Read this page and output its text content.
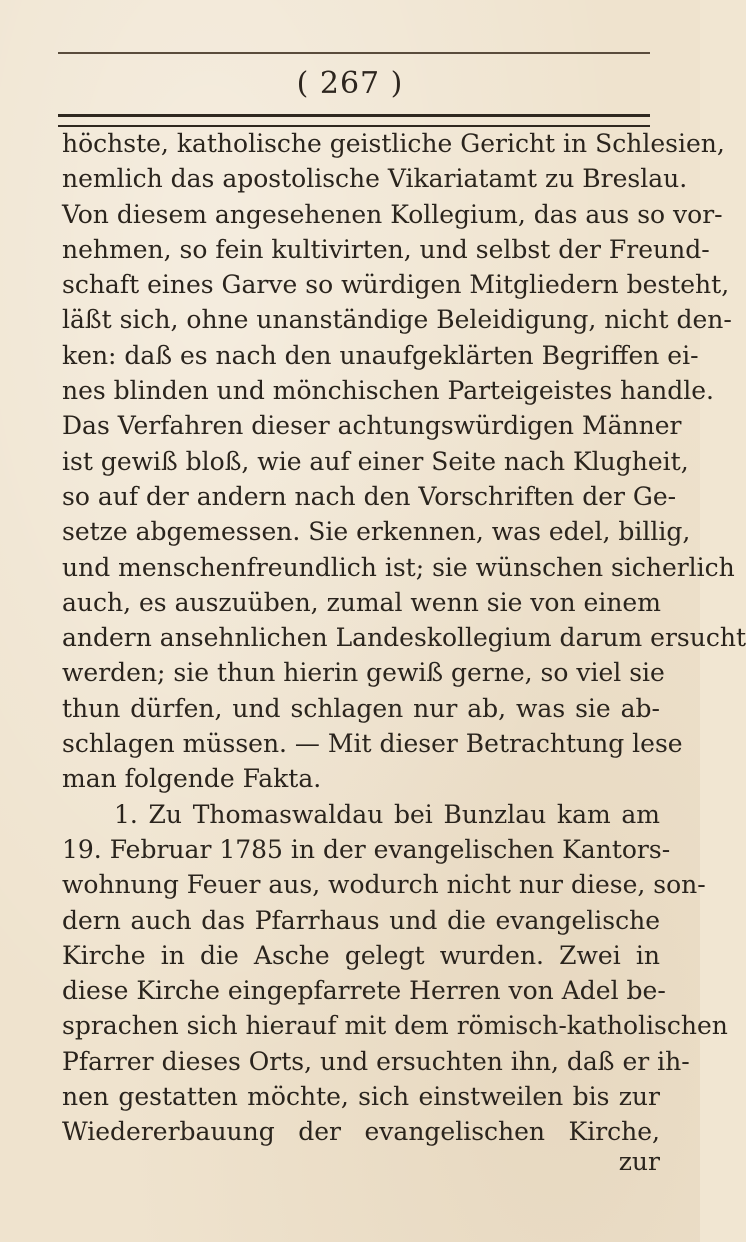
( 267 )
höchste, katholische geistliche Gericht in Schlesien,
nemlich das apostolische Vikariatamt zu Breslau.
Von diesem angesehenen Kollegium, das aus so vor-
nehmen, so fein kultivirten, und selbst der Freund-
schaft eines Garve so würdigen Mitgliedern besteht,
läßt sich, ohne unanständige Beleidigung, nicht den-
ken: daß es nach den unaufgeklärten Begriffen ei-
nes blinden und mönchischen Parteigeistes handle.
Das Verfahren dieser achtungswürdigen Männer
ist gewiß bloß, wie auf einer Seite nach Klugheit,
so auf der andern nach den Vorschriften der Ge-
setze abgemessen. Sie erkennen, was edel, billig,
und menschenfreundlich ist; sie wünschen sicherlich
auch, es auszuüben, zumal wenn sie von einem
andern ansehnlichen Landeskollegium darum ersucht
werden; sie thun hierin gewiß gerne, so viel sie
thun dürfen, und schlagen nur ab, was sie ab-
schlagen müssen. — Mit dieser Betrachtung lese
man folgende Fakta.
1. Zu Thomaswaldau bei Bunzlau kam am
19. Februar 1785 in der evangelischen Kantors-
wohnung Feuer aus, wodurch nicht nur diese, son-
dern auch das Pfarrhaus und die evangelische
Kirche in die Asche gelegt wurden. Zwei in
diese Kirche eingepfarrete Herren von Adel be-
sprachen sich hierauf mit dem römisch-katholischen
Pfarrer dieses Orts, und ersuchten ihn, daß er ih-
nen gestatten möchte, sich einstweilen bis zur
Wiedererbauung der evangelischen Kirche,
zur
